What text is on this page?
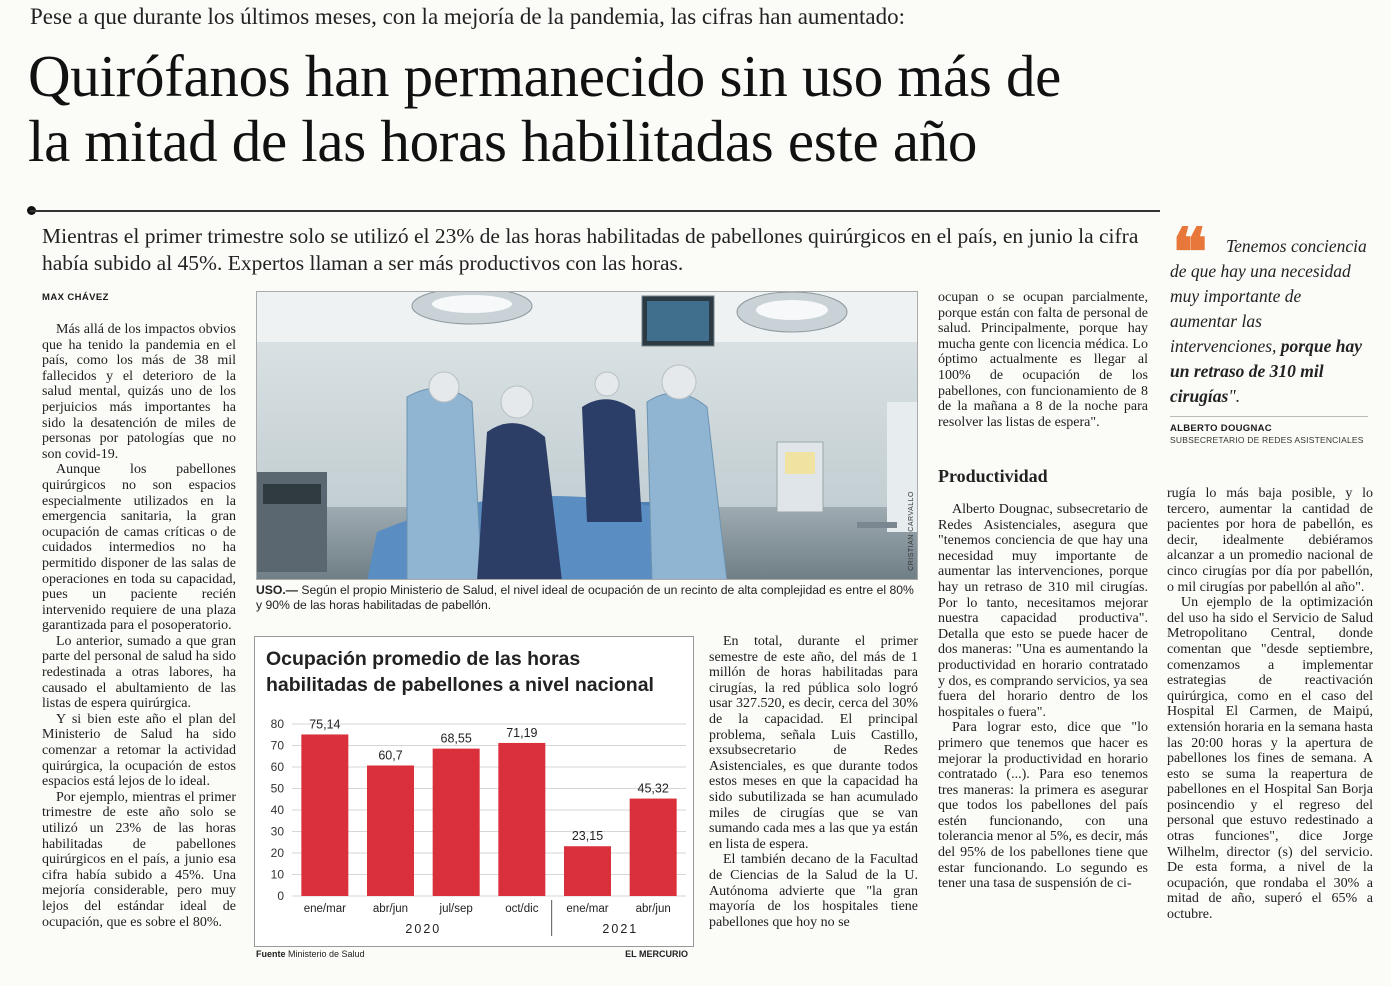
Pese a que durante los últimos meses, con la mejoría de la pandemia, las cifras han aumentado:
Quirófanos han permanecido sin uso más de
la mitad de las horas habilitadas este año
Mientras el primer trimestre solo se utilizó el 23% de las horas habilitadas de pabellones quirúrgicos en el país, en junio la cifra había subido al 45%. Expertos llaman a ser más productivos con las horas.
MAX CHÁVEZ

Más allá de los impactos obvios que ha tenido la pandemia en el país, como los más de 38 mil fallecidos y el deterioro de la salud mental, quizás uno de los perjuicios más importantes ha sido la desatención de miles de personas por patologías que no son covid-19.

Aunque los pabellones quirúrgicos no son espacios especialmente utilizados en la emergencia sanitaria, la gran ocupación de camas críticas o de cuidados intermedios no ha permitido disponer de las salas de operaciones en toda su capacidad, pues un paciente recién intervenido requiere de una plaza garantizada para el posoperatorio.

Lo anterior, sumado a que gran parte del personal de salud ha sido redestinada a otras labores, ha causado el abultamiento de las listas de espera quirúrgica.

Y si bien este año el plan del Ministerio de Salud ha sido comenzar a retomar la actividad quirúrgica, la ocupación de estos espacios está lejos de lo ideal.

Por ejemplo, mientras el primer trimestre de este año solo se utilizó un 23% de las horas habilitadas de pabellones quirúrgicos en el país, a junio esa cifra había subido a 45%. Una mejoría considerable, pero muy lejos del estándar ideal de ocupación, que es sobre el 80%.

CRISTIAN CARVALLO
USO.— Según el propio Ministerio de Salud, el nivel ideal de ocupación de un recinto de alta complejidad es entre el 80% y 90% de las horas habilitadas de pabellón.
0
10
20
30
40
50
60
70
80 75,14
ene/mar
60,7
abr/jun
68,55
jul/sep
71,19
oct/dic
23,15
ene/mar
45,32
abr/jun
2020	2021
Ocupación promedio de las horas habilitadas de pabellones a nivel nacional
Fuente Ministerio de Salud	EL MERCURIO

En total, durante el primer semestre de este año, del más de 1 millón de horas habilitadas para cirugías, la red pública solo logró usar 327.520, es decir, cerca del 30% de la capacidad. El principal problema, señala Luis Castillo, exsubsecretario de Redes Asistenciales, es que durante todos estos meses en que la capacidad ha sido subutilizada se han acumulado miles de cirugías que se van sumando cada mes a las que ya están en lista de espera.

El también decano de la Facultad de Ciencias de la Salud de la U. Autónoma advierte que "la gran mayoría de los hospitales tiene pabellones que hoy no se

ocupan o se ocupan parcialmente, porque están con falta de personal de salud. Principalmente, porque hay mucha gente con licencia médica. Lo óptimo actualmente es llegar al 100% de ocupación de los pabellones, con funcionamiento de 8 de la mañana a 8 de la noche para resolver las listas de espera".

Productividad

Alberto Dougnac, subsecretario de Redes Asistenciales, asegura que "tenemos conciencia de que hay una necesidad muy importante de aumentar las intervenciones, porque hay un retraso de 310 mil cirugías. Por lo tanto, necesitamos mejorar nuestra capacidad productiva". Detalla que esto se puede hacer de dos maneras: "Una es aumentando la productividad en horario contratado y dos, es comprando servicios, ya sea fuera del horario dentro de los hospitales o fuera".

Para lograr esto, dice que "lo primero que tenemos que hacer es mejorar la productividad en horario contratado (...). Para eso tenemos tres maneras: la primera es asegurar que todos los pabellones del país estén funcionando, con una tolerancia menor al 5%, es decir, más del 95% de los pabellones tiene que estar funcionando. Lo segundo es tener una tasa de suspensión de ci-

rugía lo más baja posible, y lo tercero, aumentar la cantidad de pacientes por hora de pabellón, es decir, idealmente debiéramos alcanzar a un promedio nacional de cinco cirugías por día por pabellón, o mil cirugías por pabellón al año".

Un ejemplo de la optimización del uso ha sido el Servicio de Salud Metropolitano Central, donde comentan que "desde septiembre, comenzamos a implementar estrategias de reactivación quirúrgica, como en el caso del Hospital El Carmen, de Maipú, extensión horaria en la semana hasta las 20:00 horas y la apertura de pabellones los fines de semana. A esto se suma la reapertura de pabellones en el Hospital San Borja posincendio y el regreso del personal que estuvo redestinado a otras funciones", dice Jorge Wilhelm, director (s) del servicio. De esta forma, a nivel de la ocupación, que rondaba el 30% a mitad de año, superó el 65% a octubre.

❝	Tenemos conciencia de que hay una necesidad muy importante de aumentar las intervenciones, porque hay un retraso de 310 mil cirugías".
ALBERTO DOUGNAC
SUBSECRETARIO DE REDES ASISTENCIALES
